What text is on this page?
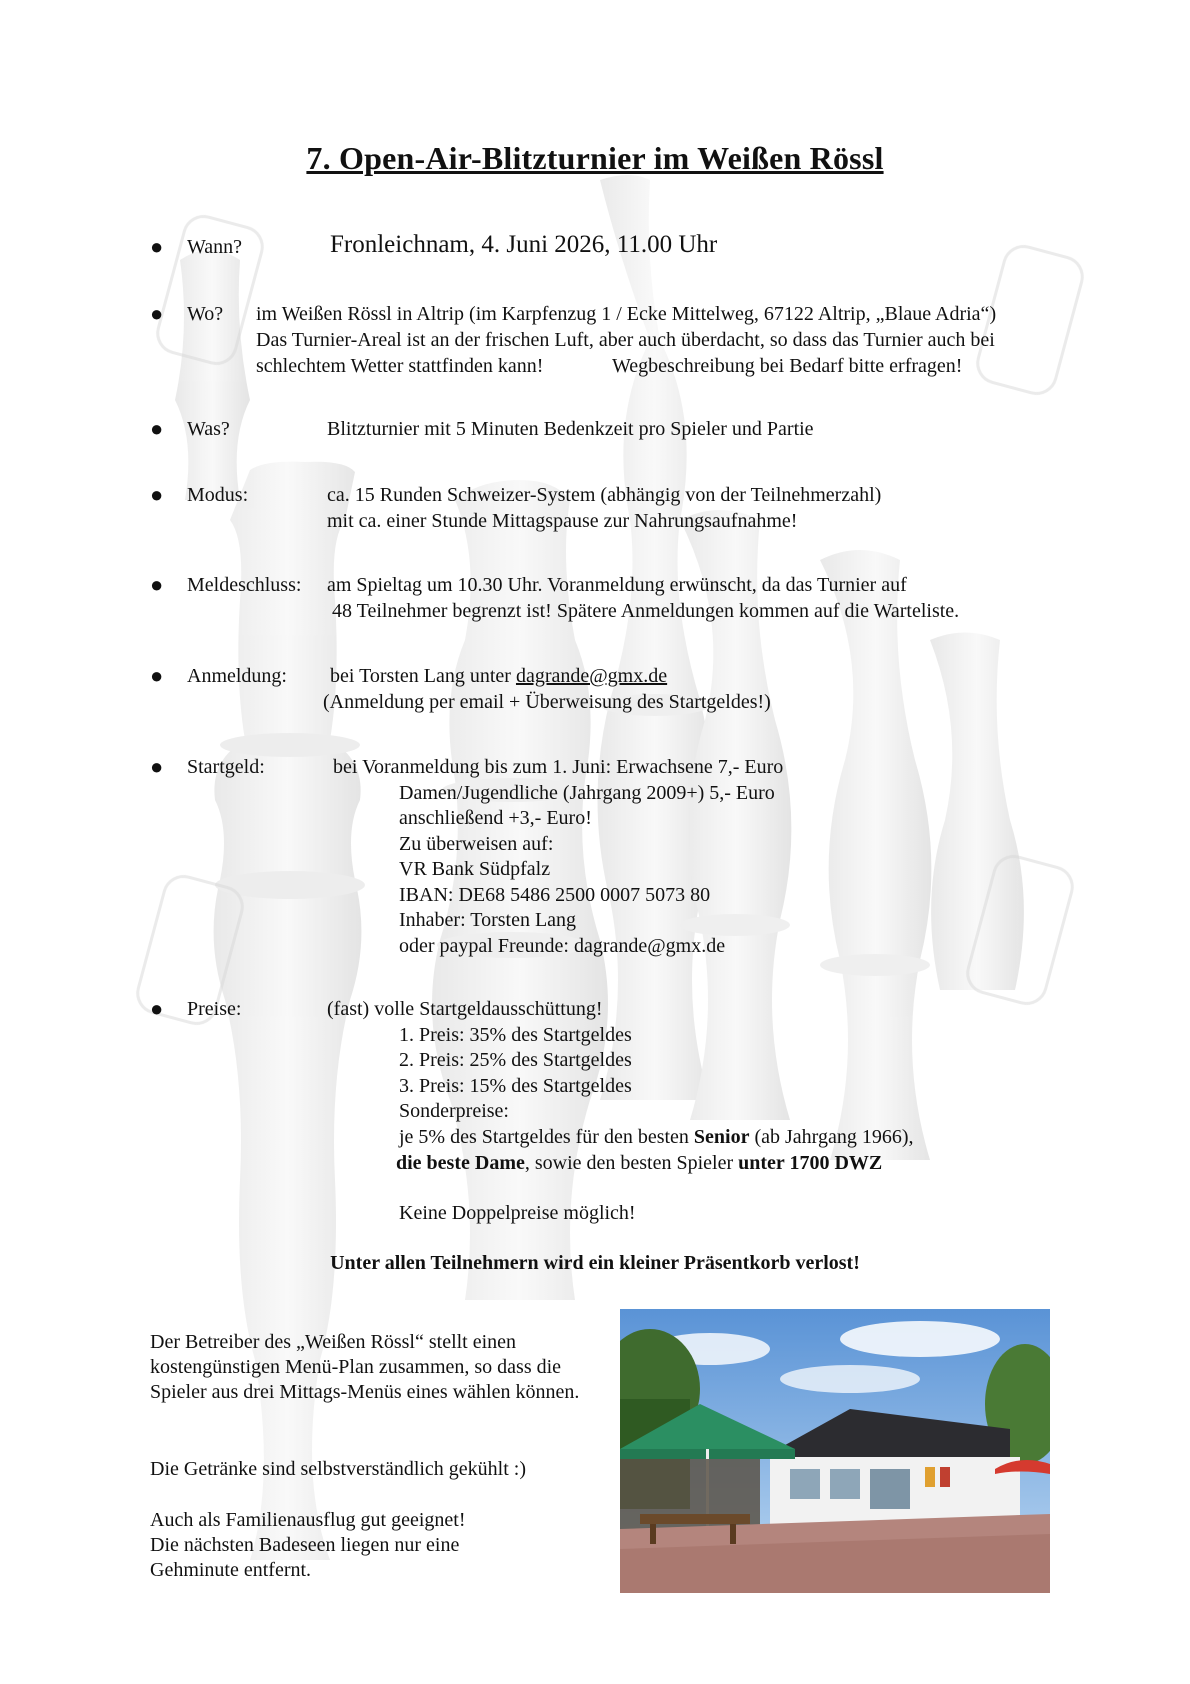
7. Open-Air-Blitzturnier im Weißen Rössl
● Wann?	Fronleichnam, 4. Juni 2026, 11.00 Uhr
● Wo? im Weißen Rössl in Altrip (im Karpfenzug 1 / Ecke Mittelweg, 67122 Altrip, „Blaue Adria“)
Das Turnier-Areal ist an der frischen Luft, aber auch überdacht, so dass das Turnier auch bei
schlechtem Wetter stattfinden kann!	Wegbeschreibung bei Bedarf bitte erfragen!
● Was?	Blitzturnier mit 5 Minuten Bedenkzeit pro Spieler und Partie
● Modus:	ca. 15 Runden Schweizer-System (abhängig von der Teilnehmerzahl)
mit ca. einer Stunde Mittagspause zur Nahrungsaufnahme!
● Meldeschluss: am Spieltag um 10.30 Uhr. Voranmeldung erwünscht, da das Turnier auf
48 Teilnehmer begrenzt ist! Spätere Anmeldungen kommen auf die Warteliste.
● Anmeldung: bei Torsten Lang unter dagrande@gmx.de
(Anmeldung per email + Überweisung des Startgeldes!)
● Startgeld:	bei Voranmeldung bis zum 1. Juni: Erwachsene 7,- Euro
Damen/Jugendliche (Jahrgang 2009+) 5,- Euro
anschließend +3,- Euro!
Zu überweisen auf:
VR Bank Südpfalz
IBAN: DE68 5486 2500 0007 5073 80
Inhaber: Torsten Lang
oder paypal Freunde: dagrande@gmx.de
● Preise:	(fast) volle Startgeldausschüttung!
1. Preis: 35% des Startgeldes
2. Preis: 25% des Startgeldes
3. Preis: 15% des Startgeldes
Sonderpreise:
je 5% des Startgeldes für den besten Senior (ab Jahrgang 1966),
die beste Dame, sowie den besten Spieler unter 1700 DWZ
Keine Doppelpreise möglich!
Unter allen Teilnehmern wird ein kleiner Präsentkorb verlost!
Der Betreiber des „Weißen Rössl“ stellt einen kostengünstigen Menü-Plan zusammen, so dass die Spieler aus drei Mittags-Menüs eines wählen können.
Die Getränke sind selbstverständlich gekühlt :)
Auch als Familienausflug gut geeignet!
Die nächsten Badeseen liegen nur eine Gehminute entfernt.
